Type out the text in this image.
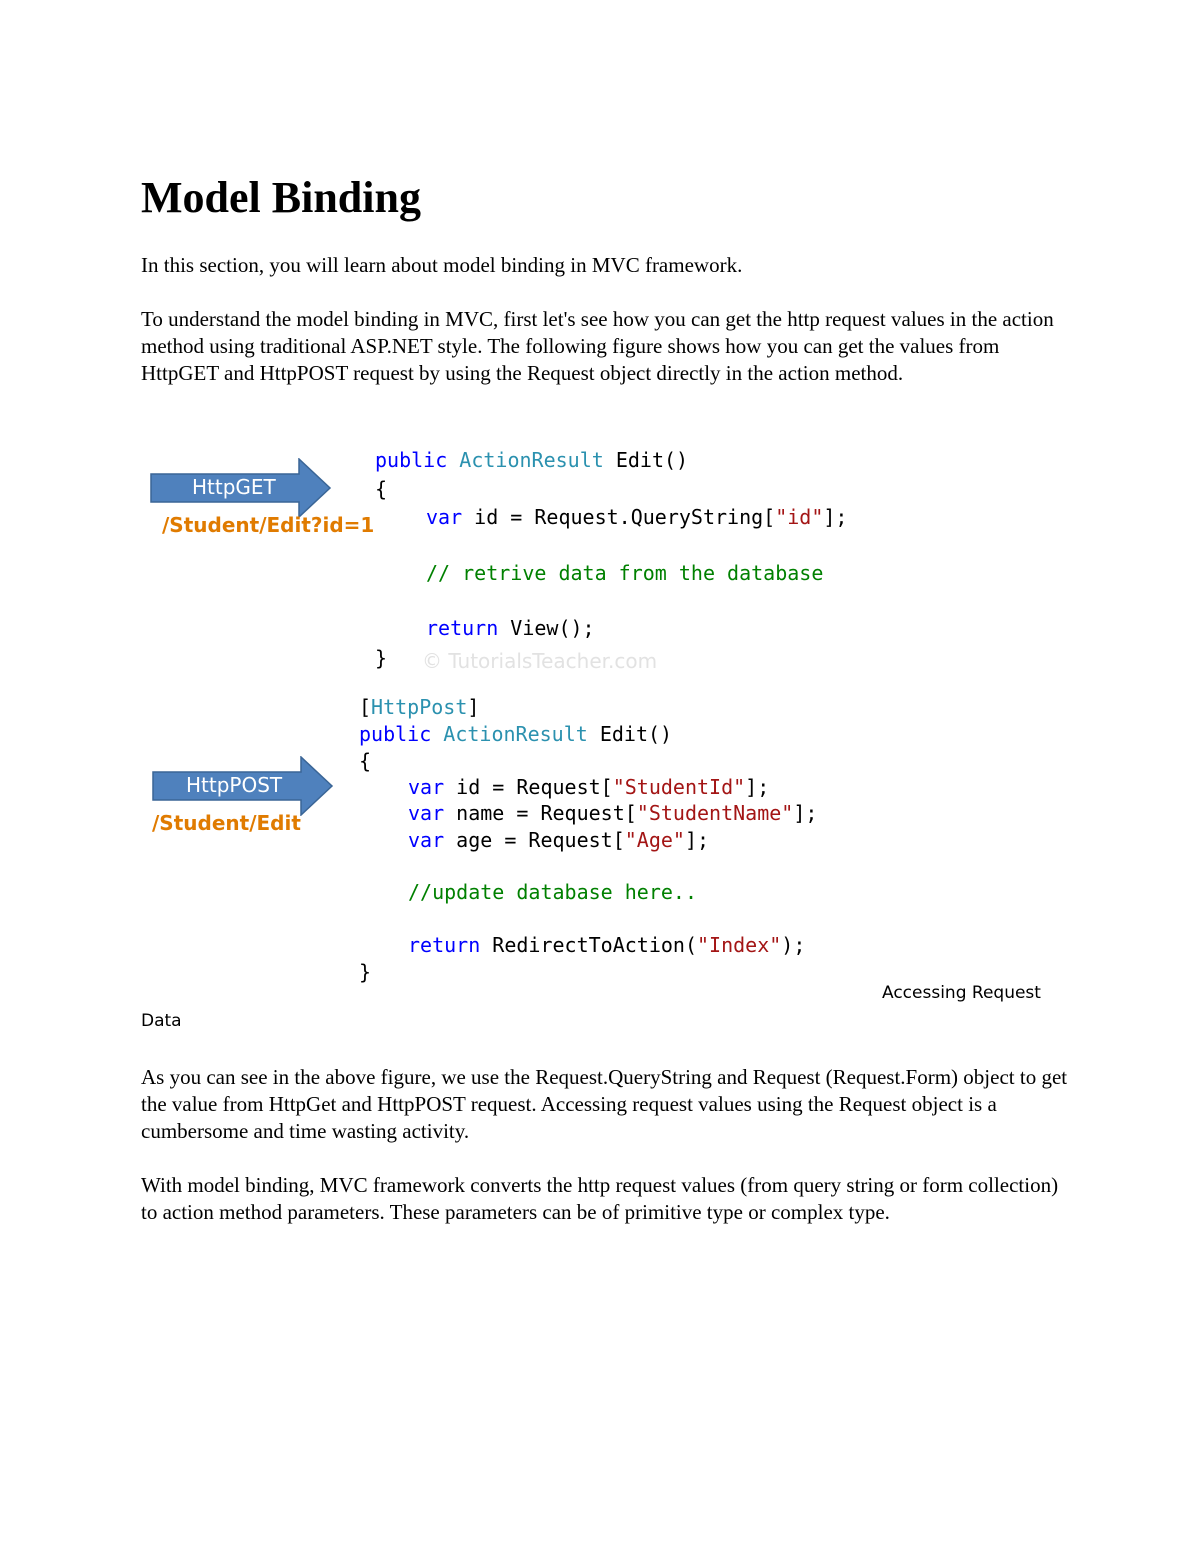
Model Binding

In this section, you will learn about model binding in MVC framework.

To understand the model binding in MVC, first let's see how you can get the http request values in the action method using traditional ASP.NET style. The following figure shows how you can get the values from HttpGET and HttpPOST request by using the Request object directly in the action method.

HttpGET
/Student/Edit?id=1
public ActionResult Edit()
{
var id = Request.QueryString["id"];
// retrive data from the database
return View();
} © TutorialsTeacher.com
[HttpPost]
public ActionResult Edit()
{
var id = Request["StudentId"];
var name = Request["StudentName"];
var age = Request["Age"];
//update database here..
return RedirectToAction("Index");
}
HttpPOST
/Student/Edit
Accessing Request
Data

As you can see in the above figure, we use the Request.QueryString and Request (Request.Form) object to get the value from HttpGet and HttpPOST request. Accessing request values using the Request object is a cumbersome and time wasting activity.

With model binding, MVC framework converts the http request values (from query string or form collection) to action method parameters. These parameters can be of primitive type or complex type.
